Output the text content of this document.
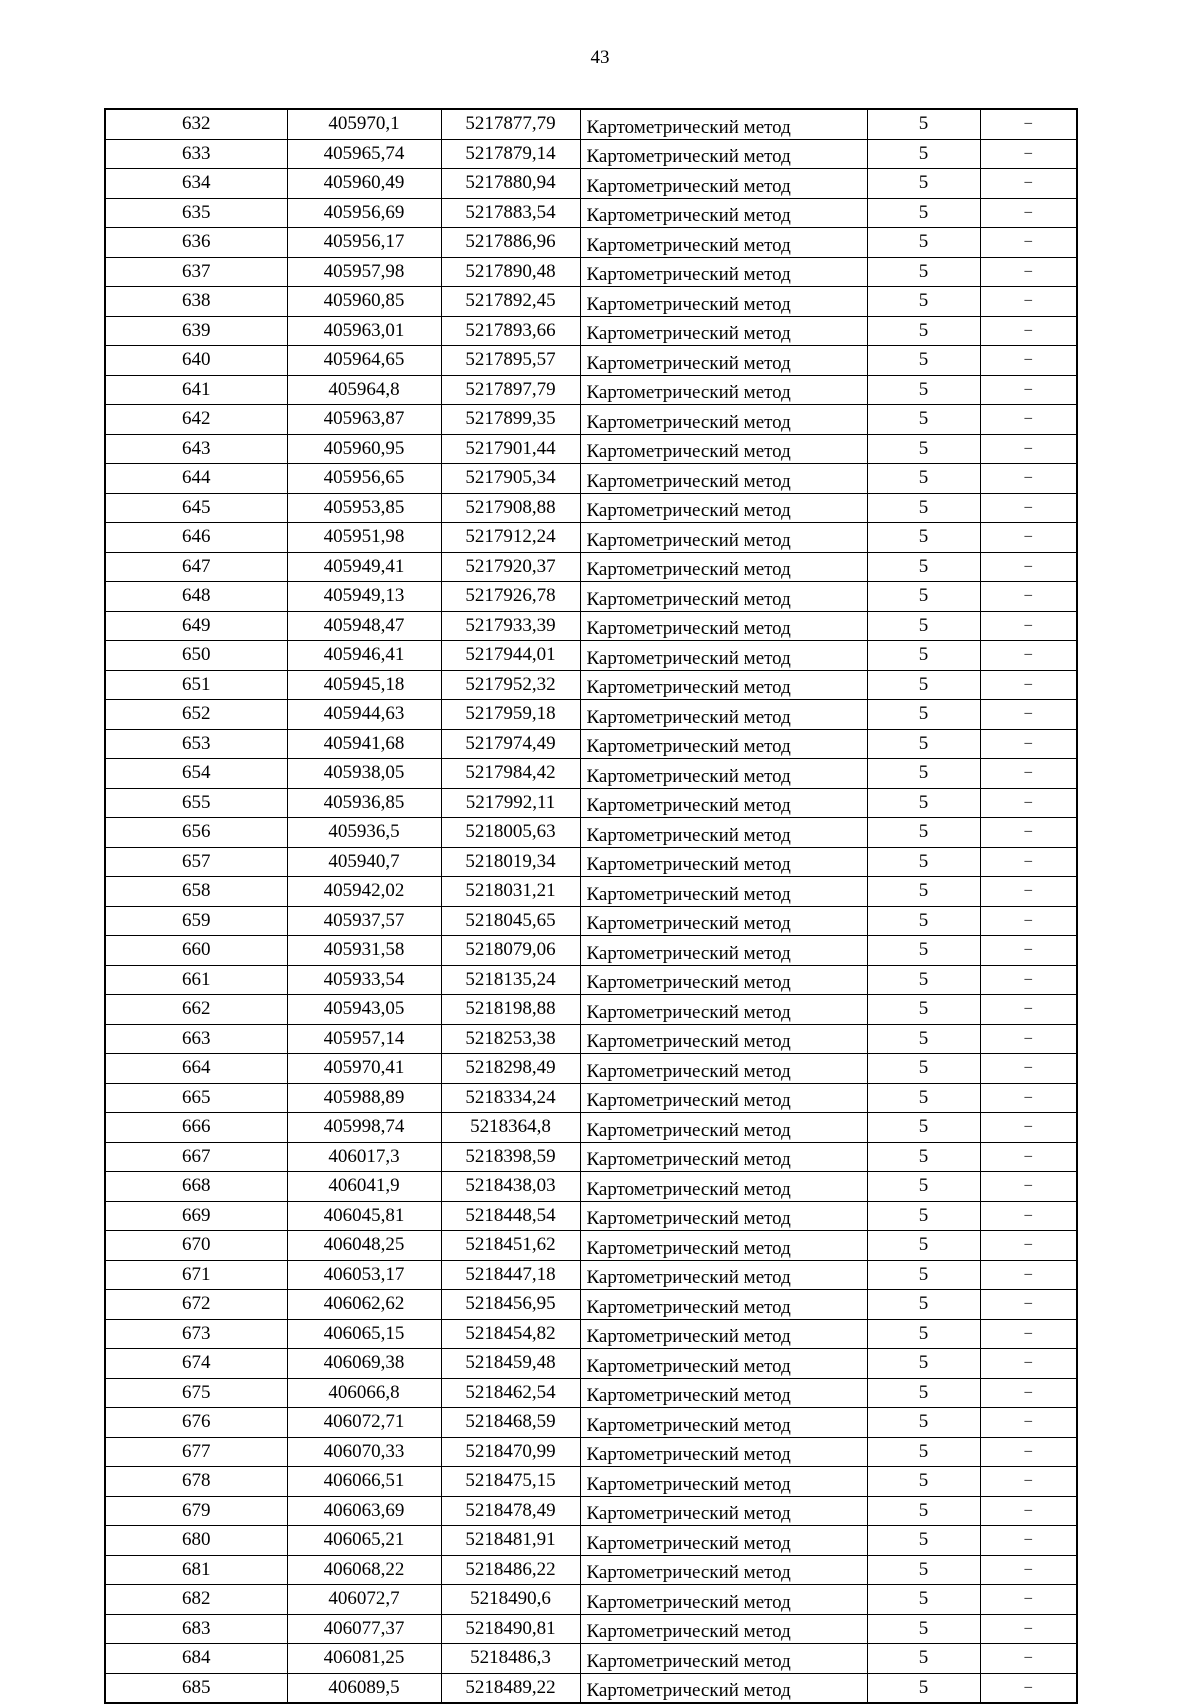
43
632	405970,1	5217877,79	Картометрический метод	5	–
633	405965,74	5217879,14	Картометрический метод	5	–
634	405960,49	5217880,94	Картометрический метод	5	–
635	405956,69	5217883,54	Картометрический метод	5	–
636	405956,17	5217886,96	Картометрический метод	5	–
637	405957,98	5217890,48	Картометрический метод	5	–
638	405960,85	5217892,45	Картометрический метод	5	–
639	405963,01	5217893,66	Картометрический метод	5	–
640	405964,65	5217895,57	Картометрический метод	5	–
641	405964,8	5217897,79	Картометрический метод	5	–
642	405963,87	5217899,35	Картометрический метод	5	–
643	405960,95	5217901,44	Картометрический метод	5	–
644	405956,65	5217905,34	Картометрический метод	5	–
645	405953,85	5217908,88	Картометрический метод	5	–
646	405951,98	5217912,24	Картометрический метод	5	–
647	405949,41	5217920,37	Картометрический метод	5	–
648	405949,13	5217926,78	Картометрический метод	5	–
649	405948,47	5217933,39	Картометрический метод	5	–
650	405946,41	5217944,01	Картометрический метод	5	–
651	405945,18	5217952,32	Картометрический метод	5	–
652	405944,63	5217959,18	Картометрический метод	5	–
653	405941,68	5217974,49	Картометрический метод	5	–
654	405938,05	5217984,42	Картометрический метод	5	–
655	405936,85	5217992,11	Картометрический метод	5	–
656	405936,5	5218005,63	Картометрический метод	5	–
657	405940,7	5218019,34	Картометрический метод	5	–
658	405942,02	5218031,21	Картометрический метод	5	–
659	405937,57	5218045,65	Картометрический метод	5	–
660	405931,58	5218079,06	Картометрический метод	5	–
661	405933,54	5218135,24	Картометрический метод	5	–
662	405943,05	5218198,88	Картометрический метод	5	–
663	405957,14	5218253,38	Картометрический метод	5	–
664	405970,41	5218298,49	Картометрический метод	5	–
665	405988,89	5218334,24	Картометрический метод	5	–
666	405998,74	5218364,8	Картометрический метод	5	–
667	406017,3	5218398,59	Картометрический метод	5	–
668	406041,9	5218438,03	Картометрический метод	5	–
669	406045,81	5218448,54	Картометрический метод	5	–
670	406048,25	5218451,62	Картометрический метод	5	–
671	406053,17	5218447,18	Картометрический метод	5	–
672	406062,62	5218456,95	Картометрический метод	5	–
673	406065,15	5218454,82	Картометрический метод	5	–
674	406069,38	5218459,48	Картометрический метод	5	–
675	406066,8	5218462,54	Картометрический метод	5	–
676	406072,71	5218468,59	Картометрический метод	5	–
677	406070,33	5218470,99	Картометрический метод	5	–
678	406066,51	5218475,15	Картометрический метод	5	–
679	406063,69	5218478,49	Картометрический метод	5	–
680	406065,21	5218481,91	Картометрический метод	5	–
681	406068,22	5218486,22	Картометрический метод	5	–
682	406072,7	5218490,6	Картометрический метод	5	–
683	406077,37	5218490,81	Картометрический метод	5	–
684	406081,25	5218486,3	Картометрический метод	5	–
685	406089,5	5218489,22	Картометрический метод	5	–
